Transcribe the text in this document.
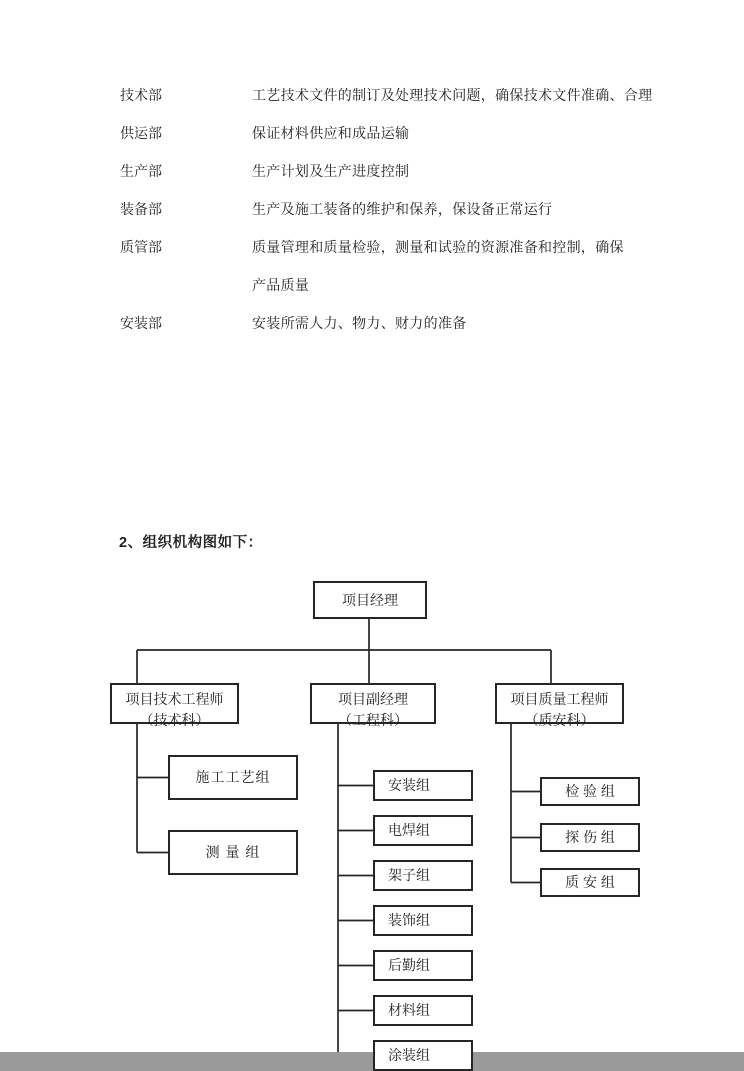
技术部	工艺技术文件的制订及处理技术问题，确保技术文件准确、合理
供运部	保证材料供应和成品运输
生产部	生产计划及生产进度控制
装备部	生产及施工装备的维护和保养，保设备正常运行
质管部	质量管理和质量检验，测量和试验的资源准备和控制，确保
产品质量
安装部	安装所需人力、物力、财力的准备
2、组织机构图如下：
项目经理
项目技术工程师
（技术科）
项目副经理
（工程科）
项目质量工程师
（质安科）
施工工艺组
测 量 组
安装组
电焊组
架子组
装饰组
后勤组
材料组
涂装组
检 验 组
探 伤 组
质 安 组
